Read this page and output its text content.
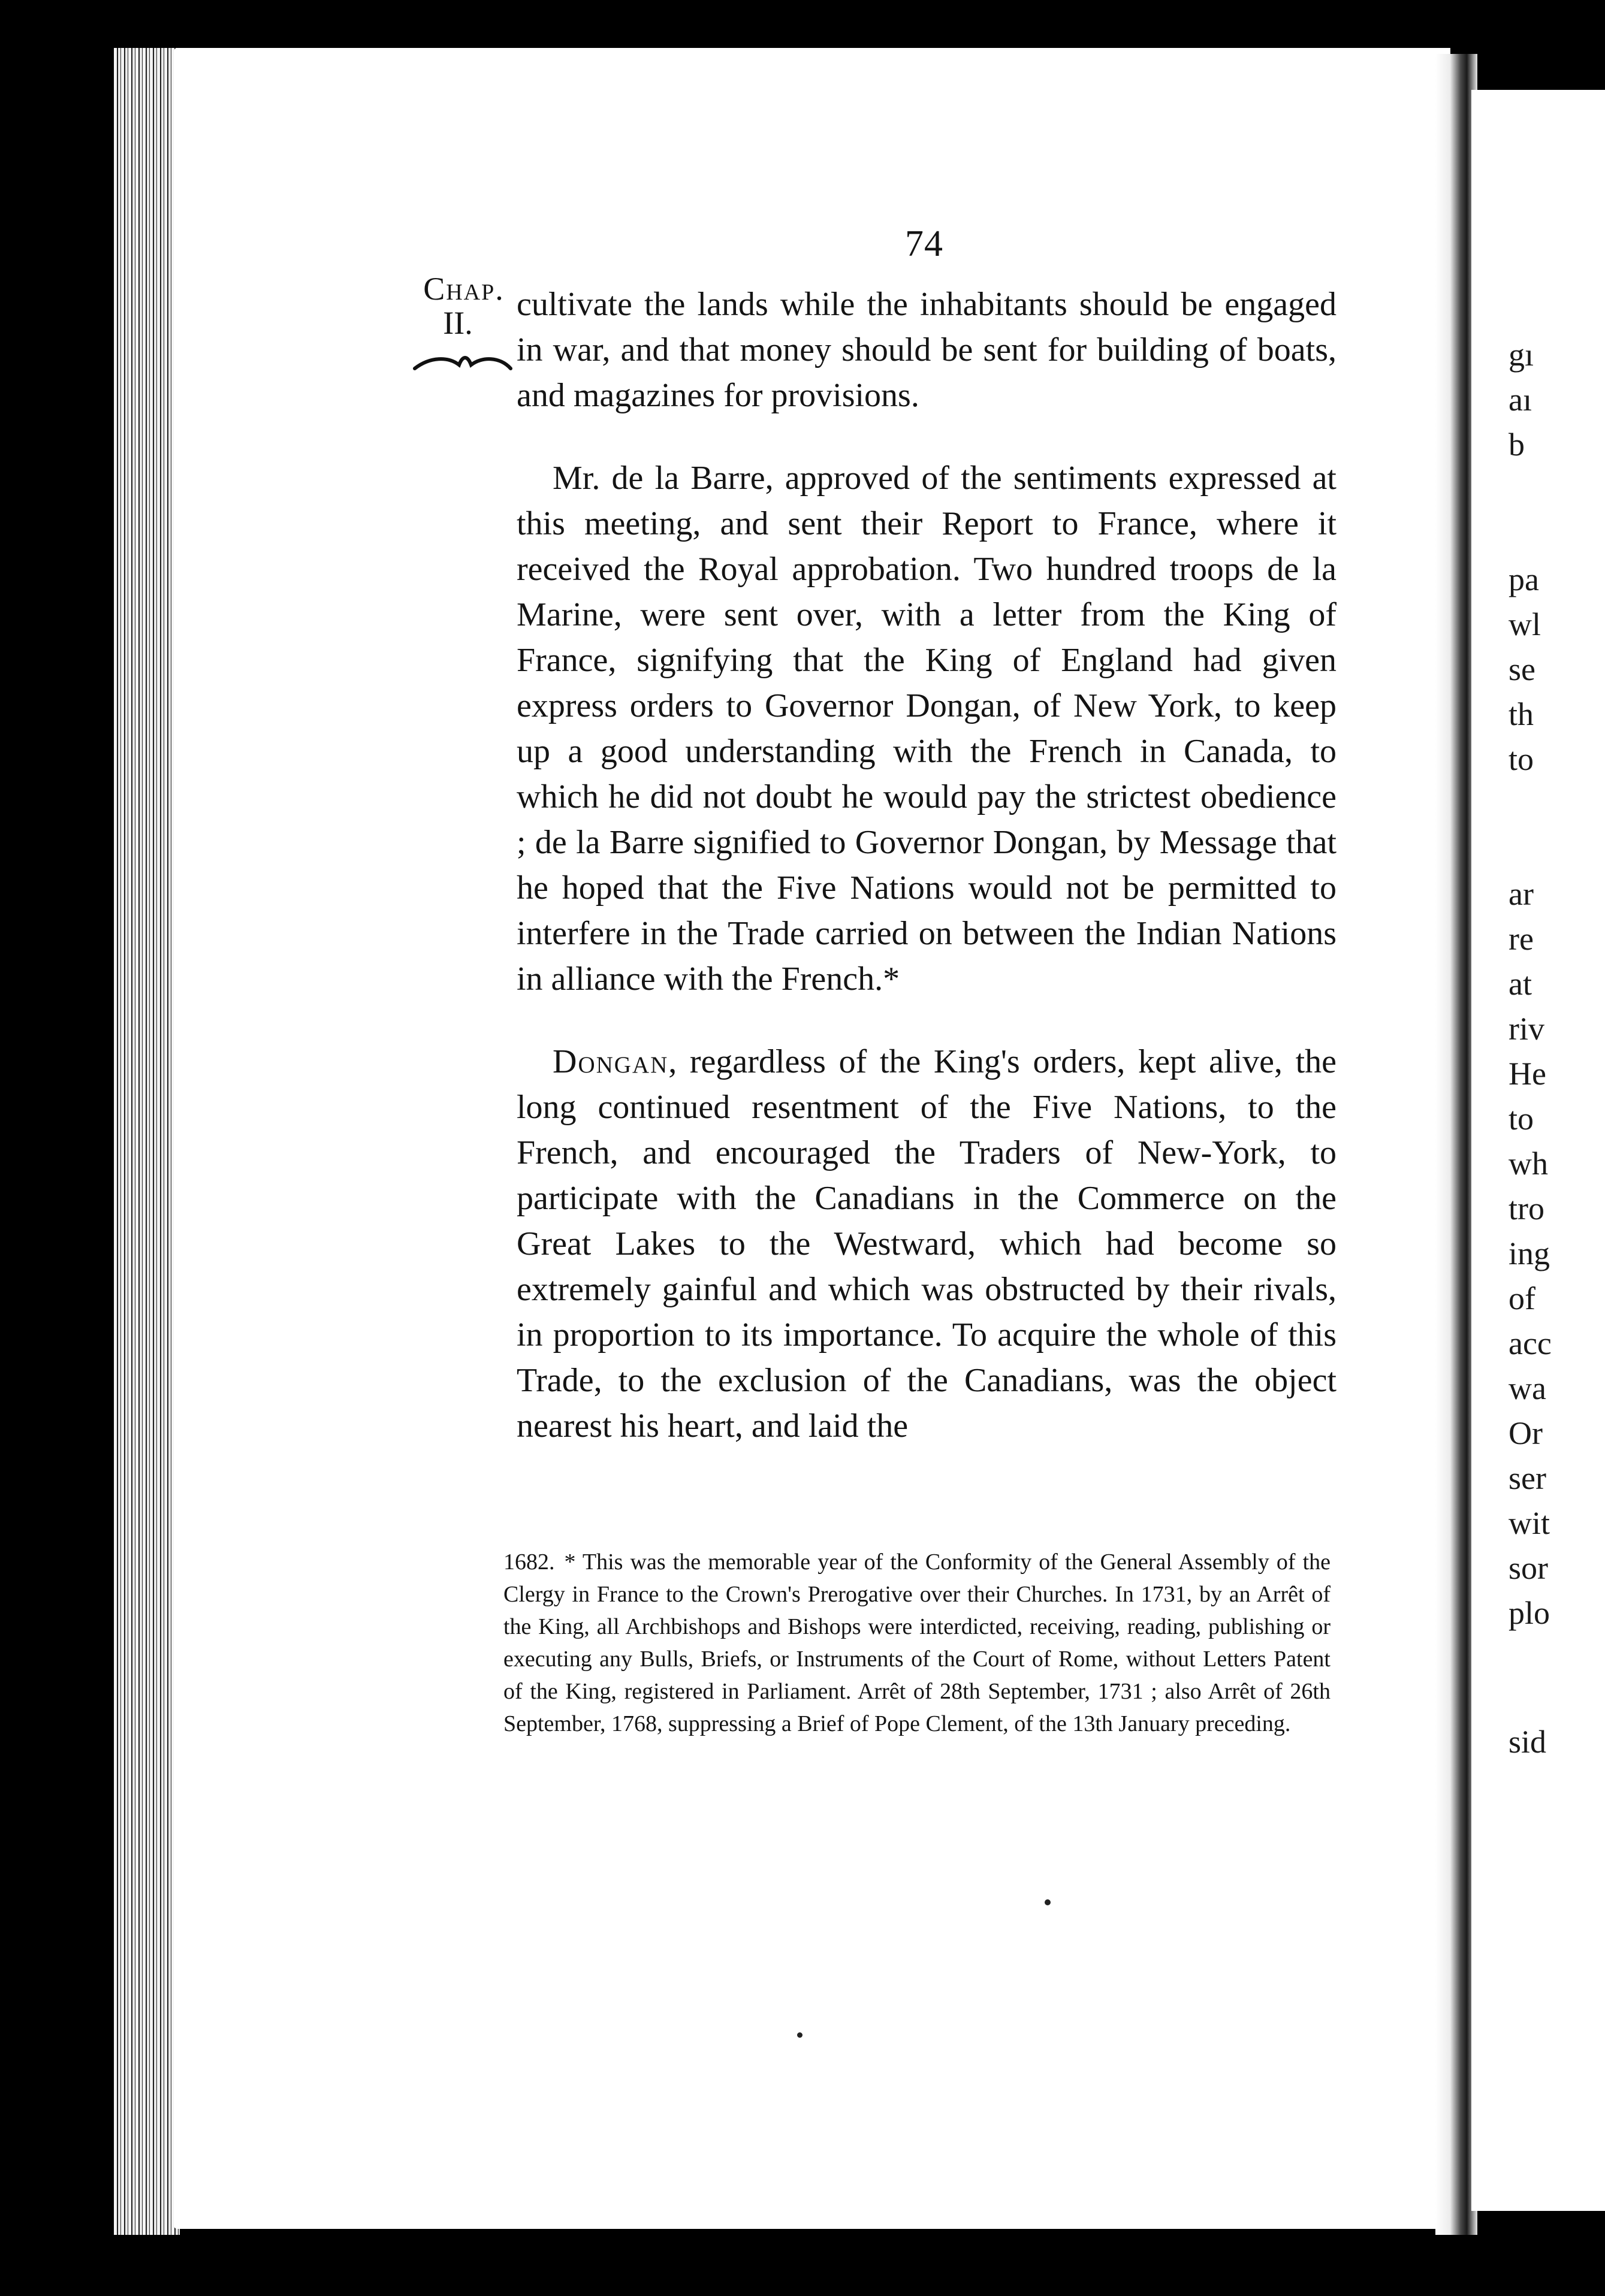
gı
aı
b
pa
wl
se
th
to
ar
re
at
riv
He
to
wh
tro
ing
of
acc
wa
Or
ser
wit
sor
plo
sid
74
Chap.
II.	cultivate the lands while the inhabitants should be engaged in war, and that money should be sent for building of boats, and magazines for provisions.

Mr. de la Barre, approved of the sentiments expressed at this meeting, and sent their Report to France, where it received the Royal approbation. Two hundred troops de la Marine, were sent over, with a letter from the King of France, signifying that the King of England had given express orders to Governor Dongan, of New York, to keep up a good understanding with the French in Canada, to which he did not doubt he would pay the strictest obedience ; de la Barre signified to Governor Dongan, by Message that he hoped that the Five Nations would not be permitted to interfere in the Trade carried on between the Indian Nations in alliance with the French.*

Dongan, regardless of the King's orders, kept alive, the long continued resentment of the Five Nations, to the French, and encouraged the Traders of New-York, to participate with the Canadians in the Commerce on the Great Lakes to the Westward, which had become so extremely gainful and which was obstructed by their rivals, in proportion to its importance. To acquire the whole of this Trade, to the exclusion of the Canadians, was the object nearest his heart, and laid the

1682. * This was the memorable year of the Conformity of the General Assembly of the Clergy in France to the Crown's Prerogative over their Churches. In 1731, by an Arrêt of the King, all Archbishops and Bishops were interdicted, receiving, reading, publishing or executing any Bulls, Briefs, or Instruments of the Court of Rome, without Letters Patent of the King, registered in Parliament. Arrêt of 28th September, 1731 ; also Arrêt of 26th September, 1768, suppressing a Brief of Pope Clement, of the 13th January preceding.
